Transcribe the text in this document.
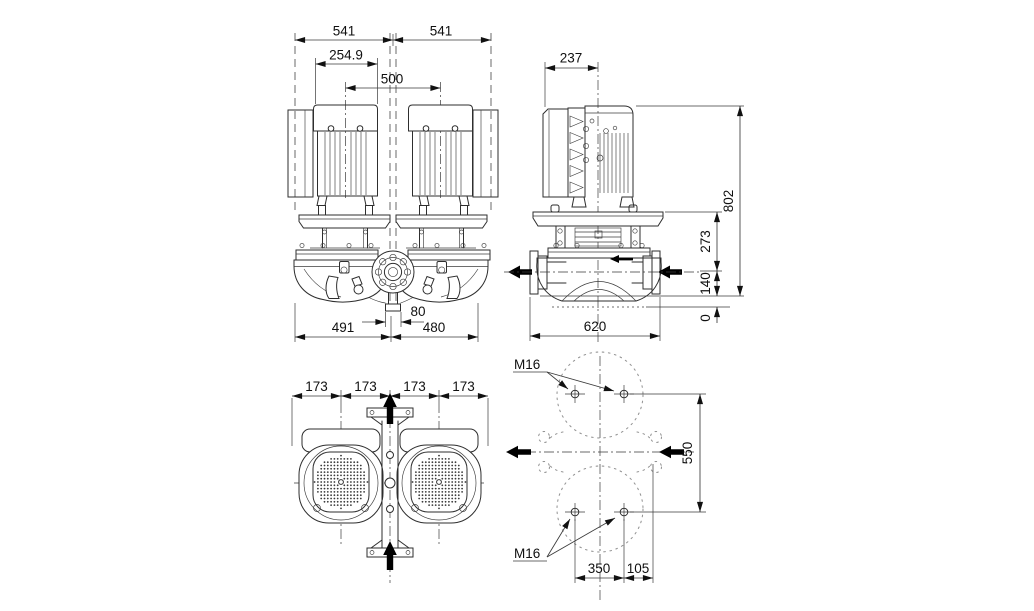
541	541
254.9
500
80
491	480
237
802
273
140
0
620
173 173 173 173
M16
M16
550
350 105
